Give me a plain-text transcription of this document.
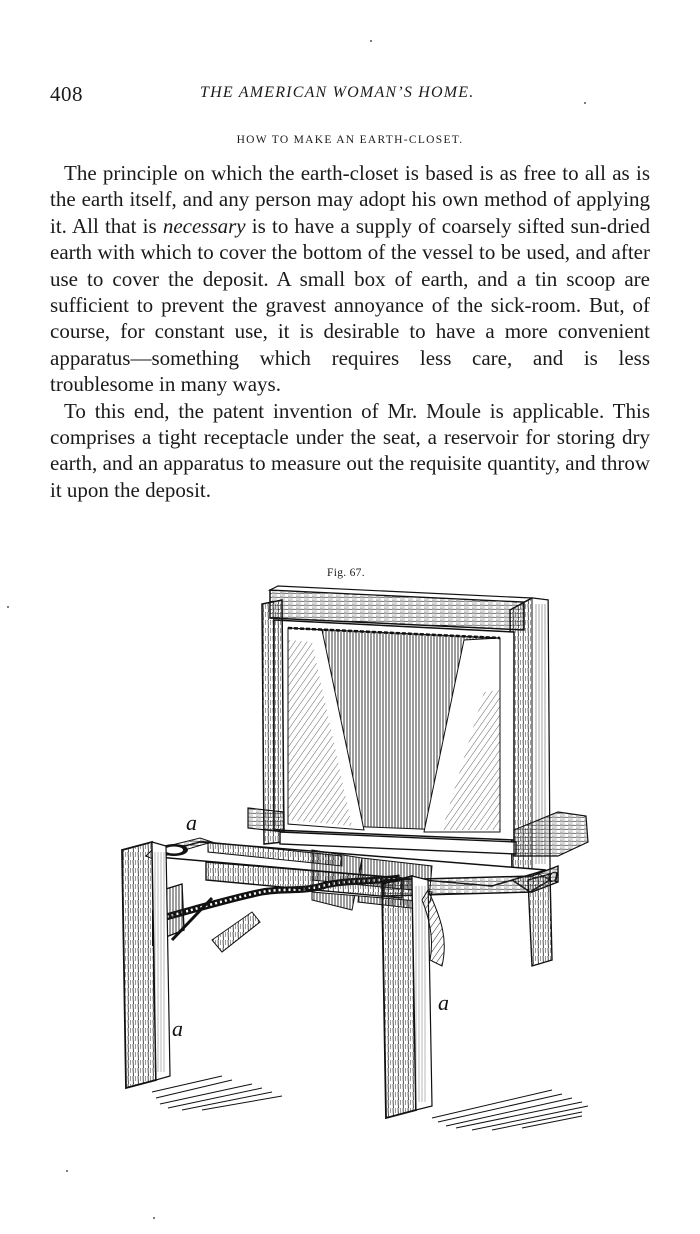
408	THE AMERICAN WOMAN’S HOME.
HOW TO MAKE AN EARTH-CLOSET.

The principle on which the earth-closet is based is as free to all as is the earth itself, and any person may adopt his own method of applying it. All that is necessary is to have a supply of coarsely sifted sun-dried earth with which to cover the bottom of the vessel to be used, and after use to cover the deposit. A small box of earth, and a tin scoop are sufficient to prevent the gravest annoyance of the sick-room. But, of course, for constant use, it is desirable to have a more convenient apparatus—something which requires less care, and is less troublesome in many ways.

To this end, the patent invention of Mr. Moule is applicable. This comprises a tight receptacle under the seat, a reservoir for storing dry earth, and an apparatus to measure out the requisite quantity, and throw it upon the deposit.

Fig. 67.
a
a
a
a
